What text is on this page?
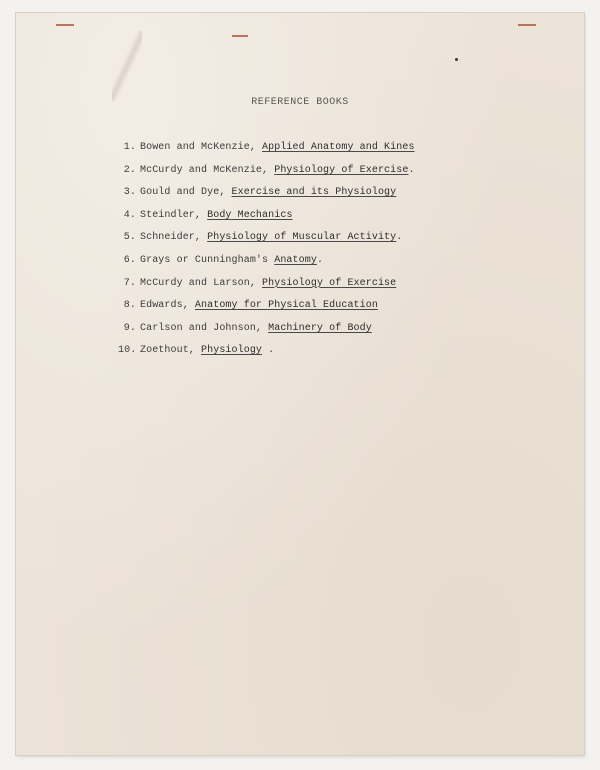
REFERENCE BOOKS
1. Bowen and McKenzie, Applied Anatomy and Kines
2. McCurdy and McKenzie, Physiology of Exercise.
3. Gould and Dye, Exercise and its Physiology
4. Steindler, Body Mechanics
5. Schneider, Physiology of Muscular Activity.
6. Grays or Cunningham's Anatomy.
7. McCurdy and Larson, Physiology of Exercise
8. Edwards, Anatomy for Physical Education
9. Carlson and Johnson, Machinery of Body
10. Zoethout, Physiology .
